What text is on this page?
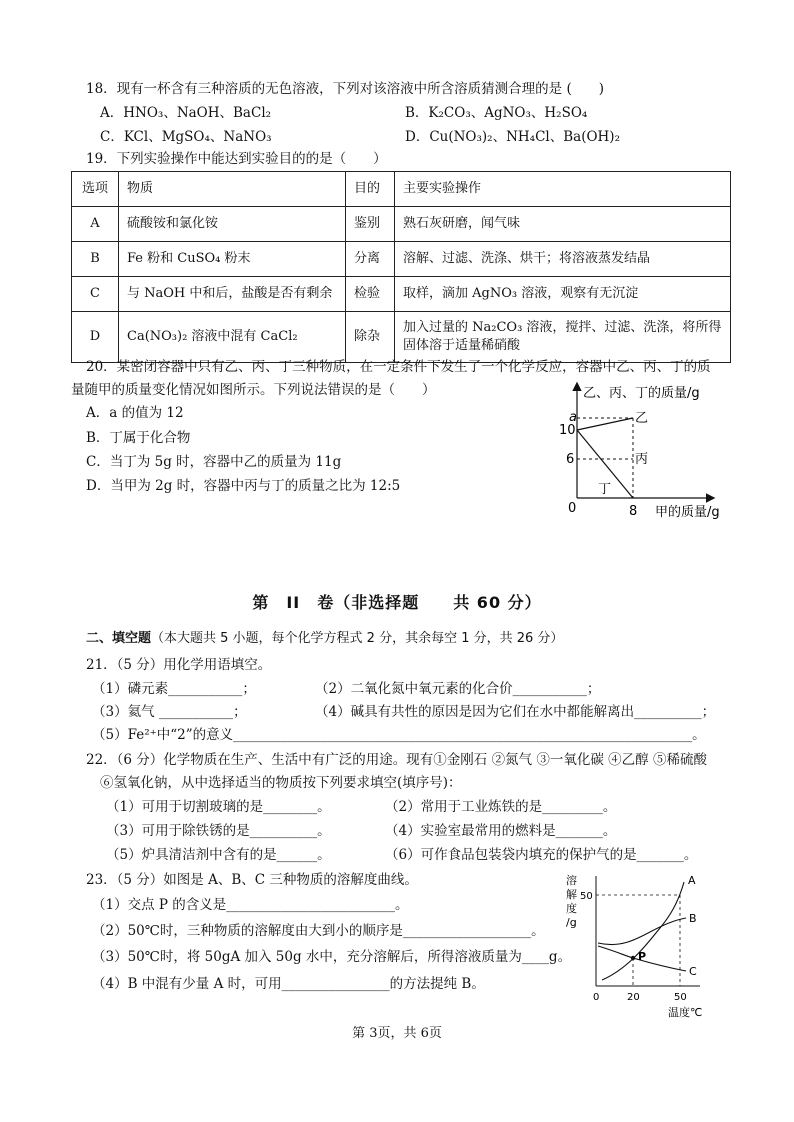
18．现有一杯含有三种溶质的无色溶液，下列对该溶液中所含溶质猜测合理的是 (　　)
A．HNO₃、NaOH、BaCl₂	B．K₂CO₃、AgNO₃、H₂SO₄
C．KCl、MgSO₄、NaNO₃	D．Cu(NO₃)₂、NH₄Cl、Ba(OH)₂
19．下列实验操作中能达到实验目的的是（　　）
选项	物质	目的	主要实验操作
A	硫酸铵和氯化铵	鉴别	熟石灰研磨，闻气味
B	Fe 粉和 CuSO₄ 粉末	分离	溶解、过滤、洗涤、烘干；将溶液蒸发结晶
C	与 NaOH 中和后，盐酸是否有剩余	检验	取样，滴加 AgNO₃ 溶液，观察有无沉淀
D	Ca(NO₃)₂ 溶液中混有 CaCl₂	除杂	加入过量的 Na₂CO₃ 溶液，搅拌、过滤、洗涤，将所得固体溶于适量稀硝酸
20．某密闭容器中只有乙、丙、丁三种物质，在一定条件下发生了一个化学反应，容器中乙、丙、丁的质
量随甲的质量变化情况如图所示。下列说法错误的是（　　）
A．a 的值为 12
B．丁属于化合物
C．当丁为 5g 时，容器中乙的质量为 11g
D．当甲为 2g 时，容器中丙与丁的质量之比为 12:5
乙、丙、丁的质量/g
a
10
6
0	8 甲的质量/g
乙
丙
丁
第　II　卷（非选择题　　共 60 分）
二、填空题（本大题共 5 小题，每个化学方程式 2 分，其余每空 1 分，共 26 分）
21．（5 分）用化学用语填空。
（1）磷元素___________；	（2）二氧化氮中氧元素的化合价___________；
（3）氦气 ___________；	（4）碱具有共性的原因是因为它们在水中都能解离出__________；
（5）Fe²⁺中“2”的意义____________________________________________________________________。
22．（6 分）化学物质在生产、生活中有广泛的用途。现有①金刚石 ②氮气 ③一氧化碳 ④乙醇 ⑤稀硫酸
⑥氢氧化钠，从中选择适当的物质按下列要求填空(填序号)：
（1）可用于切割玻璃的是________。	（2）常用于工业炼铁的是_________。
（3）可用于除铁锈的是__________。	（4）实验室最常用的燃料是_______。
（5）炉具清洁剂中含有的是______。	（6）可作食品包装袋内填充的保护气的是_______。
23．（5 分）如图是 A、B、C 三种物质的溶解度曲线。
（1）交点 P 的含义是_________________________。
（2）50℃时，三种物质的溶解度由大到小的顺序是___________________。
（3）50℃时，将 50gA 加入 50g 水中，充分溶解后，所得溶液质量为____g。
（4）B 中混有少量 A 时，可用________________的方法提纯 B。
溶
解
度
/g
50
0	20	50
温度℃
A
B
C
P
第 3页，共 6页
